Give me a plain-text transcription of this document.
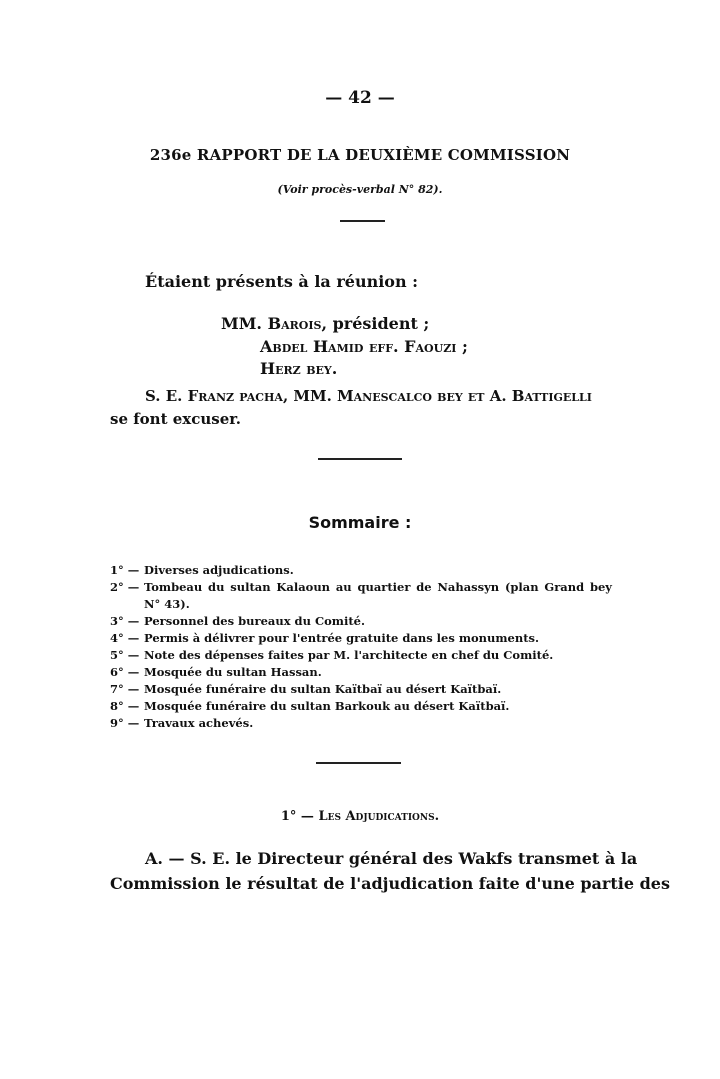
— 42 —
236e RAPPORT DE LA DEUXIÈME COMMISSION
(Voir procès-verbal N° 82).
Étaient présents à la réunion :
MM. Barois, président ;
Abdel Hamid eff. Faouzi ;
Herz bey.
S. E. Franz pacha, MM. Manescalco bey et A. Battigelli
se font excuser.
Sommaire :
1° — Diverses adjudications.
2° — Tombeau du sultan Kalaoun au quartier de Nahassyn (plan Grand bey N° 43).
3° — Personnel des bureaux du Comité.
4° — Permis à délivrer pour l'entrée gratuite dans les monuments.
5° — Note des dépenses faites par M. l'architecte en chef du Comité.
6° — Mosquée du sultan Hassan.
7° — Mosquée funéraire du sultan Kaïtbaï au désert Kaïtbaï.
8° — Mosquée funéraire du sultan Barkouk au désert Kaïtbaï.
9° — Travaux achevés.
1° — Les Adjudications.
A. — S. E. le Directeur général des Wakfs transmet à la
Commission le résultat de l'adjudication faite d'une partie des
